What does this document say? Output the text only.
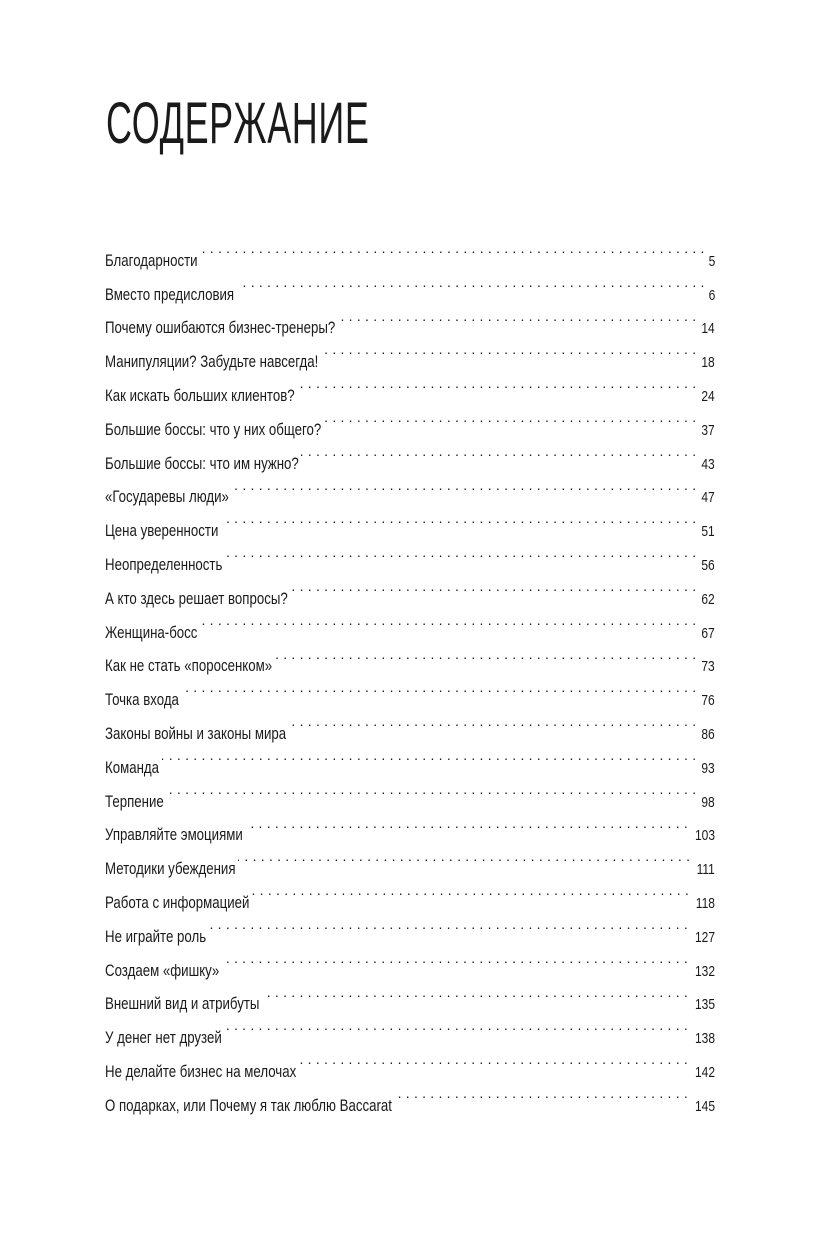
СОДЕРЖАНИЕ
Благодарности . . .	5
Вместо предисловия . . .	6
Почему ошибаются бизнес-тренеры? . . .	14
Манипуляции? Забудьте навсегда! . . .	18
Как искать больших клиентов? . . .	24
Большие боссы: что у них общего? . . .	37
Большие боссы: что им нужно? . . .	43
«Государевы люди» . . .	47
Цена уверенности . . .	51
Неопределенность . . .	56
А кто здесь решает вопросы? . . .	62
Женщина-босс . . .	67
Как не стать «поросенком» . . .	73
Точка входа . . .	76
Законы войны и законы мира . . .	86
Команда . . .	93
Терпение . . .	98
Управляйте эмоциями . . .	103
Методики убеждения . . .	111
Работа с информацией . . .	118
Не играйте роль . . .	127
Создаем «фишку» . . .	132
Внешний вид и атрибуты . . .	135
У денег нет друзей . . .	138
Не делайте бизнес на мелочах . . .	142
О подарках, или Почему я так люблю Baccarat . . .	145
